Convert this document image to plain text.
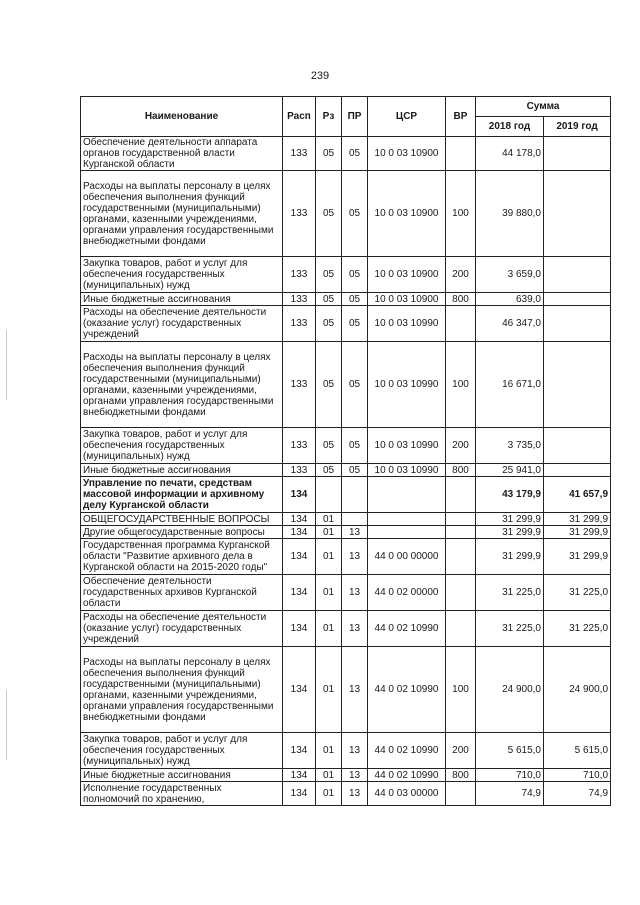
239
Наименование	Расп	Рз	ПР	ЦСР	ВР	Сумма	
						2018 год	2019 год
Обеспечение деятельности аппарата органов государственной власти Курганской области	133	05	05	10 0 03 10900		44 178,0	
Расходы на выплаты персоналу в целях обеспечения выполнения функций государственными (муниципальными) органами, казенными учреждениями, органами управления государственными внебюджетными фондами	133	05	05	10 0 03 10900	100	39 880,0	
Закупка товаров, работ и услуг для обеспечения государственных (муниципальных) нужд	133	05	05	10 0 03 10900	200	3 659,0	
Иные бюджетные ассигнования	133	05	05	10 0 03 10900	800	639,0	
Расходы на обеспечение деятельности (оказание услуг) государственных учреждений	133	05	05	10 0 03 10990		46 347,0	
Расходы на выплаты персоналу в целях обеспечения выполнения функций государственными (муниципальными) органами, казенными учреждениями, органами управления государственными внебюджетными фондами	133	05	05	10 0 03 10990	100	16 671,0	
Закупка товаров, работ и услуг для обеспечения государственных (муниципальных) нужд	133	05	05	10 0 03 10990	200	3 735,0	
Иные бюджетные ассигнования	133	05	05	10 0 03 10990	800	25 941,0	
Управление по печати, средствам массовой информации и архивному делу Курганской области	134					43 179,9	41 657,9
ОБЩЕГОСУДАРСТВЕННЫЕ ВОПРОСЫ	134	01				31 299,9	31 299,9
Другие общегосударственные вопросы	134	01	13			31 299,9	31 299,9
Государственная программа Курганской области "Развитие архивного дела в Курганской области на 2015-2020 годы"	134	01	13	44 0 00 00000		31 299,9	31 299,9
Обеспечение деятельности государственных архивов Курганской области	134	01	13	44 0 02 00000		31 225,0	31 225,0
Расходы на обеспечение деятельности (оказание услуг) государственных учреждений	134	01	13	44 0 02 10990		31 225,0	31 225,0
Расходы на выплаты персоналу в целях обеспечения выполнения функций государственными (муниципальными) органами, казенными учреждениями, органами управления государственными внебюджетными фондами	134	01	13	44 0 02 10990	100	24 900,0	24 900,0
Закупка товаров, работ и услуг для обеспечения государственных (муниципальных) нужд	134	01	13	44 0 02 10990	200	5 615,0	5 615,0
Иные бюджетные ассигнования	134	01	13	44 0 02 10990	800	710,0	710,0
Исполнение государственных полномочий по хранению,	134	01	13	44 0 03 00000		74,9	74,9
